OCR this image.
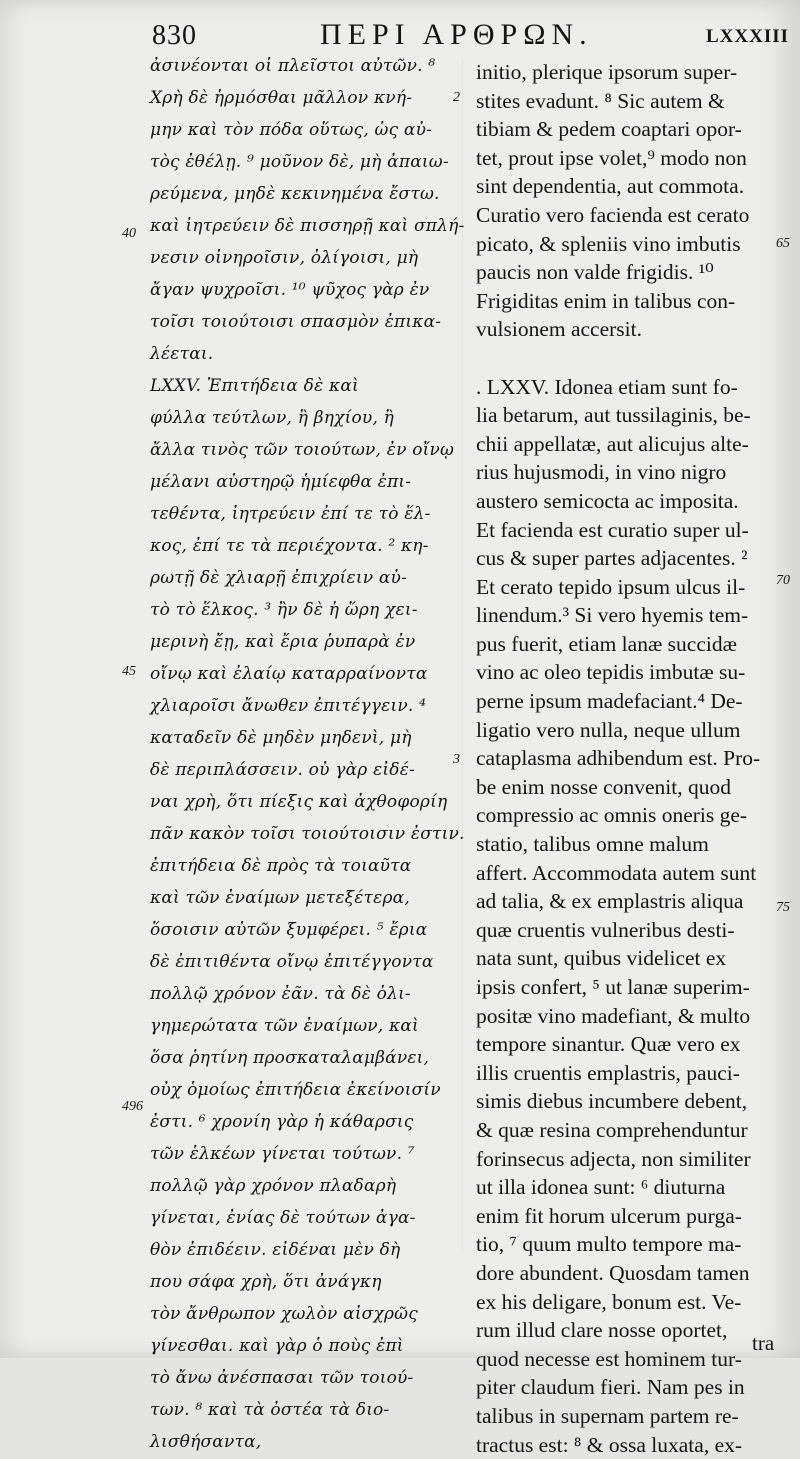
830	ΠΕΡΙ ΑΡΘΡΩΝ.	LXXXIII
ἀσινέονται οἱ πλεῖστοι αὐτῶν. ⁸
Χρὴ δὲ ἡρμόσθαι μᾶλλον κνή-
μην καὶ τὸν πόδα οὕτως, ὡς αὐ-
τὸς ἐθέλῃ. ⁹ μοῦνον δὲ, μὴ ἀπαιω-
ρεύμενα, μηδὲ κεκινημένα ἔστω.
καὶ ἰητρεύειν δὲ πισσηρῇ καὶ σπλή-
νεσιν οἰνηροῖσιν, ὀλίγοισι, μὴ
ἄγαν ψυχροῖσι. ¹⁰ ψῦχος γὰρ ἐν
τοῖσι τοιούτοισι σπασμὸν ἐπικα-
λέεται.
LXXV. Ἐπιτήδεια δὲ καὶ
φύλλα τεύτλων, ἢ βηχίου, ἢ
ἄλλα τινὸς τῶν τοιούτων, ἐν οἴνῳ
μέλανι αὐστηρῷ ἡμίεφθα ἐπι-
τεθέντα, ἰητρεύειν ἐπί τε τὸ ἕλ-
κος, ἐπί τε τὰ περιέχοντα. ² κη-
ρωτῇ δὲ χλιαρῇ ἐπιχρίειν αὐ-
τὸ τὸ ἕλκος. ³ ἢν δὲ ἡ ὥρη χει-
μερινὴ ἔῃ, καὶ ἔρια ῥυπαρὰ ἐν
οἴνῳ καὶ ἐλαίῳ καταρραίνοντα
χλιαροῖσι ἄνωθεν ἐπιτέγγειν. ⁴
καταδεῖν δὲ μηδὲν μηδενὶ, μὴ
δὲ περιπλάσσειν. οὐ γὰρ εἰδέ-
ναι χρὴ, ὅτι πίεξις καὶ ἀχθοφορίη
πᾶν κακὸν τοῖσι τοιούτοισιν ἐστιν.
ἐπιτήδεια δὲ πρὸς τὰ τοιαῦτα
καὶ τῶν ἐναίμων μετεξέτερα,
ὅσοισιν αὐτῶν ξυμφέρει. ⁵ ἔρια
δὲ ἐπιτιθέντα οἴνῳ ἐπιτέγγοντα
πολλῷ χρόνον ἐᾶν. τὰ δὲ ὀλι-
γημερώτατα τῶν ἐναίμων, καὶ
ὅσα ῥητίνη προσκαταλαμβάνει,
οὐχ ὁμοίως ἐπιτήδεια ἐκείνοισίν
ἐστι. ⁶ χρονίη γὰρ ἡ κάθαρσις
τῶν ἑλκέων γίνεται τούτων. ⁷
πολλῷ γὰρ χρόνον πλαδαρὴ
γίνεται, ἐνίας δὲ τούτων ἀγα-
θὸν ἐπιδέειν. εἰδέναι μὲν δὴ
που σάφα χρὴ, ὅτι ἀνάγκη
τὸν ἄνθρωπον χωλὸν αἰσχρῶς
γίνεσθαι. καὶ γὰρ ὁ ποὺς ἐπὶ
τὸ ἄνω ἀνέσπασαι τῶν τοιού-
των. ⁸ καὶ τὰ ὀστέα τὰ διο-
λισθήσαντα,
initio, plerique ipsorum super-
stites evadunt. ⁸ Sic autem &
tibiam & pedem coaptari opor-
tet, prout ipse volet,⁹ modo non
sint dependentia, aut commota.
Curatio vero facienda est cerato
picato, & spleniis vino imbutis
paucis non valde frigidis. ¹⁰
Frigiditas enim in talibus con-
vulsionem accersit.
. LXXV. Idonea etiam sunt fo-
lia betarum, aut tussilaginis, be-
chii appellatæ, aut alicujus alte-
rius hujusmodi, in vino nigro
austero semicocta ac imposita.
Et facienda est curatio super ul-
cus & super partes adjacentes. ²
Et cerato tepido ipsum ulcus il-
linendum.³ Si vero hyemis tem-
pus fuerit, etiam lanæ succidæ
vino ac oleo tepidis imbutæ su-
perne ipsum madefaciant.⁴ De-
ligatio vero nulla, neque ullum
cataplasma adhibendum est. Pro-
be enim nosse convenit, quod
compressio ac omnis oneris ge-
statio, talibus omne malum
affert. Accommodata autem sunt
ad talia, & ex emplastris aliqua
quæ cruentis vulneribus desti-
nata sunt, quibus videlicet ex
ipsis confert, ⁵ ut lanæ superim-
positæ vino madefiant, & multo
tempore sinantur. Quæ vero ex
illis cruentis emplastris, pauci-
simis diebus incumbere debent,
& quæ resina comprehenduntur
forinsecus adjecta, non similiter
ut illa idonea sunt: ⁶ diuturna
enim fit horum ulcerum purga-
tio, ⁷ quum multo tempore ma-
dore abundent. Quosdam tamen
ex his deligare, bonum est. Ve-
rum illud clare nosse oportet,
quod necesse est hominem tur-
piter claudum fieri. Nam pes in
talibus in supernam partem re-
tractus est: ⁸ & ossa luxata, ex-
40
45
496
2
3
65
70
75
tra
